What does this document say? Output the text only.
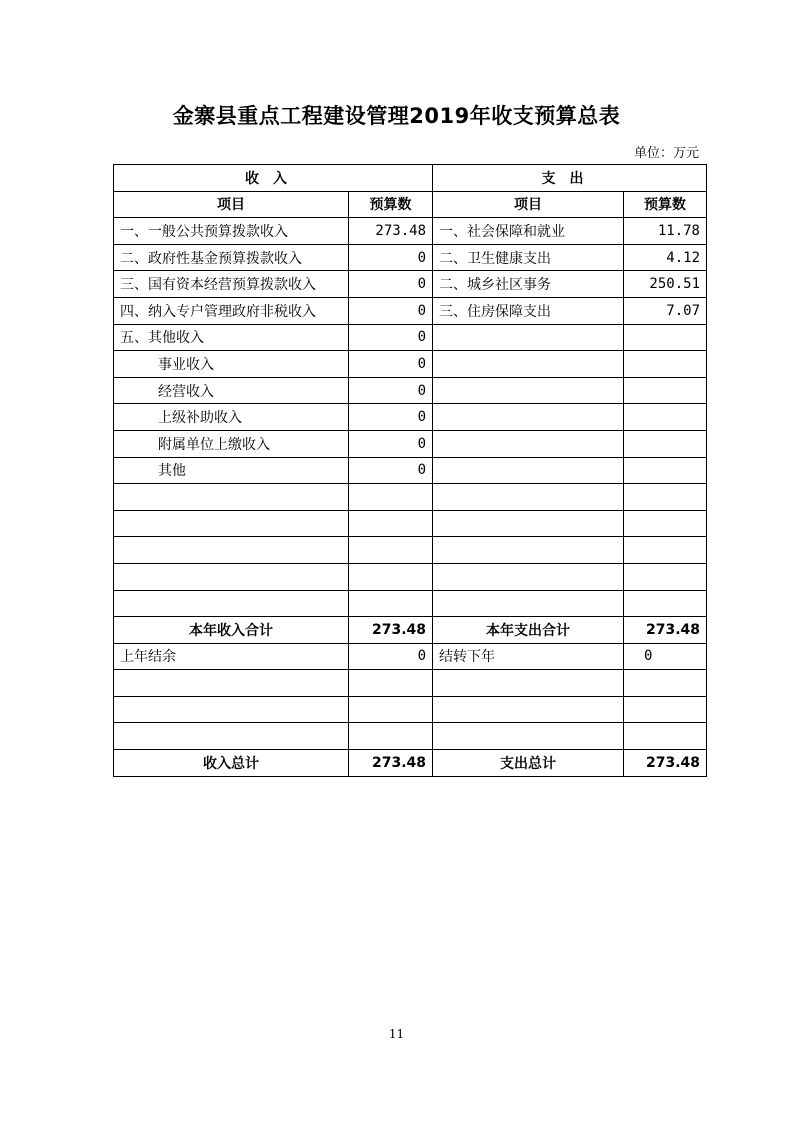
金寨县重点工程建设管理2019年收支预算总表
单位：万元
收入		支出	
项目	预算数	项目	预算数
一、一般公共预算拨款收入	273.48	一、社会保障和就业	11.78
二、政府性基金预算拨款收入	0	二、卫生健康支出	4.12
三、国有资本经营预算拨款收入	0	二、城乡社区事务	250.51
四、纳入专户管理政府非税收入	0	三、住房保障支出	7.07
五、其他收入	0		
事业收入	0		
经营收入	0		
上级补助收入	0		
附属单位上缴收入	0		
其他	0		

本年收入合计	273.48	本年支出合计	273.48
上年结余	0	结转下年	0

收入总计	273.48	支出总计	273.48
11
